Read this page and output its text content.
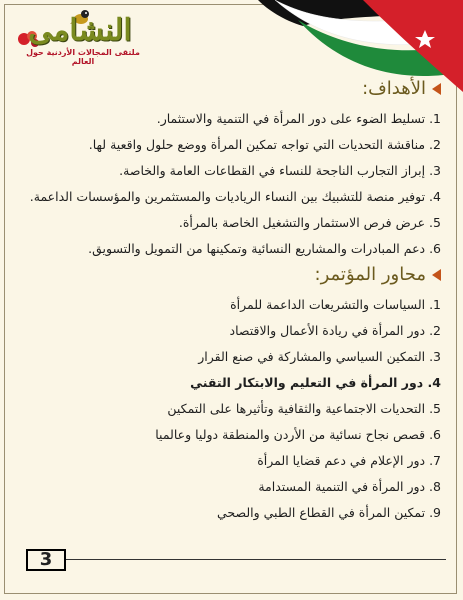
النشامى
ملتقى المجالات الأردنية حول العالم
الأهداف:
1. تسليط الضوء على دور المرأة في التنمية والاستثمار.
2. مناقشة التحديات التي تواجه تمكين المرأة ووضع حلول واقعية لها.
3. إبراز التجارب الناجحة للنساء في القطاعات العامة والخاصة.
4. توفير منصة للتشبيك بين النساء الرياديات والمستثمرين والمؤسسات الداعمة.
5. عرض فرص الاستثمار والتشغيل الخاصة بالمرأة.
6. دعم المبادرات والمشاريع النسائية وتمكينها من التمويل والتسويق.
محاور المؤتمر:
1. السياسات والتشريعات الداعمة للمرأة
2. دور المرأة في ريادة الأعمال والاقتصاد
3. التمكين السياسي والمشاركة في صنع القرار
4. دور المرأة في التعليم والابتكار التقني
5. التحديات الاجتماعية والثقافية وتأثيرها على التمكين
6. قصص نجاح نسائية من الأردن والمنطقة دوليا وعالميا
7. دور الإعلام في دعم قضايا المرأة
8. دور المرأة في التنمية المستدامة
9. تمكين المرأة في القطاع الطبي والصحي
3
